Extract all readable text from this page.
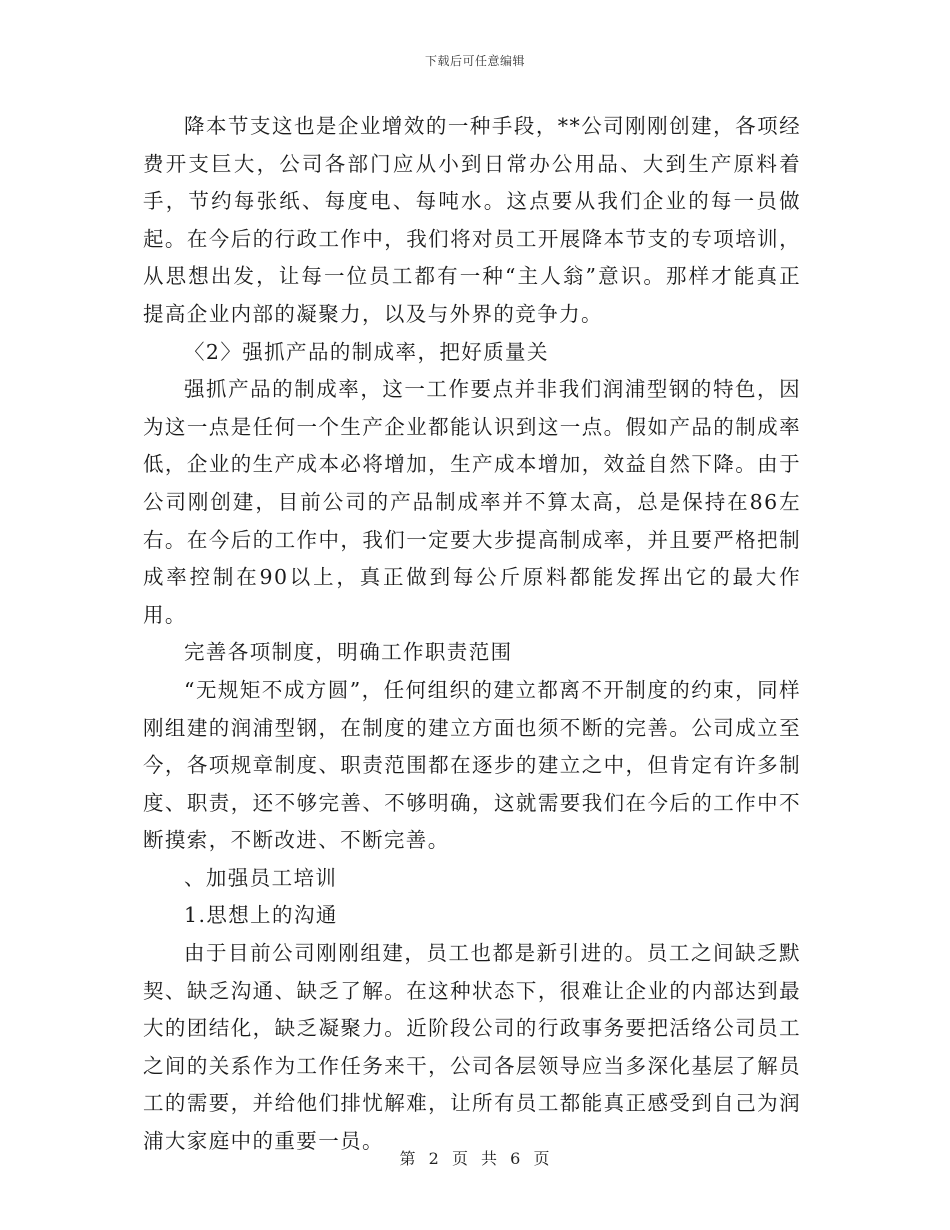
下载后可任意编辑

降本节支这也是企业增效的一种手段，**公司刚刚创建，各项经费开支巨大，公司各部门应从小到日常办公用品、大到生产原料着手，节约每张纸、每度电、每吨水。这点要从我们企业的每一员做起。在今后的行政工作中，我们将对员工开展降本节支的专项培训，从思想出发，让每一位员工都有一种“主人翁”意识。那样才能真正提高企业内部的凝聚力，以及与外界的竞争力。

〈2〉强抓产品的制成率，把好质量关

强抓产品的制成率，这一工作要点并非我们润浦型钢的特色，因为这一点是任何一个生产企业都能认识到这一点。假如产品的制成率低，企业的生产成本必将增加，生产成本增加，效益自然下降。由于公司刚创建，目前公司的产品制成率并不算太高，总是保持在86左右。在今后的工作中，我们一定要大步提高制成率，并且要严格把制成率控制在90以上，真正做到每公斤原料都能发挥出它的最大作用。

完善各项制度，明确工作职责范围

“无规矩不成方圆”，任何组织的建立都离不开制度的约束，同样刚组建的润浦型钢，在制度的建立方面也须不断的完善。公司成立至今，各项规章制度、职责范围都在逐步的建立之中，但肯定有许多制度、职责，还不够完善、不够明确，这就需要我们在今后的工作中不断摸索，不断改进、不断完善。

、加强员工培训

1.思想上的沟通

由于目前公司刚刚组建，员工也都是新引进的。员工之间缺乏默契、缺乏沟通、缺乏了解。在这种状态下，很难让企业的内部达到最大的团结化，缺乏凝聚力。近阶段公司的行政事务要把活络公司员工之间的关系作为工作任务来干，公司各层领导应当多深化基层了解员工的需要，并给他们排忧解难，让所有员工都能真正感受到自己为润浦大家庭中的重要一员。

第 2 页 共 6 页
